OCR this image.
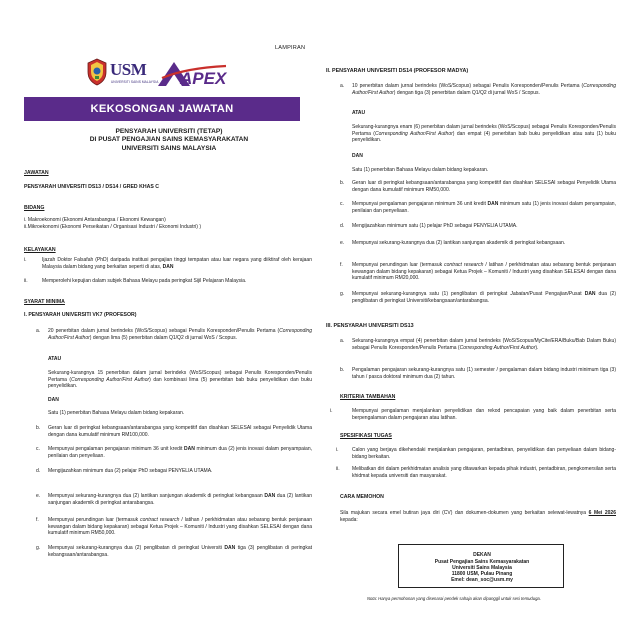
LAMPIRAN
USM
UNIVERSITI SAINS MALAYSIA APEX
KEKOSONGAN JAWATAN
PENSYARAH UNIVERSITI (TETAP)
DI PUSAT PENGAJIAN SAINS KEMASYARAKATAN
UNIVERSITI SAINS MALAYSIA
JAWATAN
PENSYARAH UNIVERSITI DS13 / DS14 / GRED KHAS C
BIDANG
i. Makroekonomi (Ekonomi Antarabangsa / Ekonomi Kewangan)
ii.Mikroekonomi (Ekonomi Perseikatan / Organisasi Industri / Ekonomi Industri) )
KELAYAKAN
i.	Ijazah Doktor Falsafah (PhD) daripada institusi pengajian tinggi tempatan atau luar negara yang diiktiraf oleh kerajaan Malaysia dalam bidang yang berkaitan seperti di atas, DAN
ii.	Memperolehi kepujian dalam subjek Bahasa Melayu pada peringkat Sijil Pelajaran Malaysia.
SYARAT MINIMA
I. PENSYARAH UNIVERSITI VK7 (PROFESOR)
a. 20 penerbitan dalam jurnal berindeks (WoS/Scopus) sebagai Penulis Koresponden/Penulis Pertama (Corresponding Author/First Author) dengan lima (5) penerbitan dalam Q1/Q2 di jurnal WoS / Scopus.
ATAU
Sekurang-kurangnya 15 penerbitan dalam jurnal berindeks (WoS/Scopus) sebagai Penulis Koresponden/Penulis Pertama (Corresponding Author/First Author) dan kombinasi lima (5) penerbitan bab buku penyelidikan dan buku penyelidikan.
DAN
Satu (1) penerbitan Bahasa Melayu dalam bidang kepakaran.
b. Geran luar di peringkat kebangsaan/antarabangsa yang kompetitif dan disahkan SELESAI sebagai Penyelidik Utama dengan dana kumulatif minimum RM100,000.
c. Mempunyai pengalaman pengajaran minimum 36 unit kredit DAN minimum dua (2) jenis inovasi dalam penyampaian, penilaian dan penyeliaan.
d. Mengijazahkan minimum dua (2) pelajar PhD sebagai PENYELIA UTAMA.
e. Mempunyai sekurang-kurangnya dua (2) lantikan sanjungan akademik di peringkat kebangsaan DAN dua (2) lantikan sanjungan akademik di peringkat antarabangsa.
f. Mempunyai perundingan luar (termasuk contract research / latihan / perkhidmatan atau sebarang bentuk penjanaan kewangan dalam bidang kepakaran) sebagai Ketua Projek – Komuniti / Industri yang disahkan SELESAI dengan dana kumulatif minimum RM50,000.
g. Mempunyai sekurang-kurangnya dua (2) penglibatan di peringkat Universiti DAN tiga (3) penglibatan di peringkat kebangsaan/antarabangsa.
II. PENSYARAH UNIVERSITI DS14 (PROFESOR MADYA)
a. 10 penerbitan dalam jurnal berindeks (WoS/Scopus) sebagai Penulis Koresponden/Penulis Pertama (Corresponding Author/First Author) dengan tiga (3) penerbitan dalam Q1/Q2 di jurnal WoS / Scopus.
ATAU
Sekurang-kurangnya enam (6) penerbitan dalam jurnal berindeks (WoS/Scopus) sebagai Penulis Koresponden/Penulis Pertama (Corresponding Author/First Author) dan empat (4) penerbitan bab buku penyelidikan atau satu (1) buku penyelidikan.
DAN
Satu (1) penerbitan Bahasa Melayu dalam bidang kepakaran.
b. Geran luar di peringkat kebangsaan/antarabangsa yang kompetitif dan disahkan SELESAI sebagai Penyelidik Utama dengan dana kumulatif minimum RM50,000.
c. Mempunyai pengalaman pengajaran minimum 36 unit kredit DAN minimum satu (1) jenis inovasi dalam penyampaian, penilaian dan penyeliaan.
d. Mengijazahkan minimum satu (1) pelajar PhD sebagai PENYELIA UTAMA.
e. Mempunyai sekurang-kurangnya dua (2) lantikan sanjungan akademik di peringkat kebangsaan.
f. Mempunyai perundingan luar (termasuk contract research / latihan / perkhidmatan atau sebarang bentuk penjanaan kewangan dalam bidang kepakaran) sebagai Ketua Projek – Komuniti / Industri yang disahkan SELESAI dengan dana kumulatif minimum RM20,000.
g. Mempunyai sekurang-kurangnya satu (1) penglibatan di peringkat Jabatan/Pusat Pengajian/Pusat DAN dua (2) penglibatan di peringkat Universiti/kebangsaan/antarabangsa.
III. PENSYARAH UNIVERSITI DS13
a. Sekurang-kurangnya empat (4) penerbitan dalam jurnal berindeks (WoS/Scopus/MyCite/ERA/Buku/Bab Dalam Buku) sebagai Penulis Koresponden/Penulis Pertama (Corresponding Author/First Author).
b. Pengalaman pengajaran sekurang-kurangnya satu (1) semester / pengalaman dalam bidang industri minimum tiga (3) tahun / pasca doktoral minimum dua (2) tahun.
KRITERIA TAMBAHAN
i.	Mempunyai pengalaman menjalankan penyelidikan dan rekod pencapaian yang baik dalam penerbitan serta berpengalaman dalam pengajaran atau latihan.
SPESIFIKASI TUGAS
i.	Calon yang berjaya dikehendaki menjalankan pengajaran, pentadbiran, penyelidikan dan penyeliaan dalam bidang-bidang berkaitan.
ii. Melibatkan diri dalam perkhidmatan analisis yang ditawarkan kepada pihak industri, pentadbiran, pengkomersilan serta khidmat kepada universiti dan masyarakat.
CARA MEMOHON
Sila majukan secara emel butiran jaya diri (CV) dan dokumen-dokumen yang berkaitan selewat-lewatnya 6 Mei 2026 kepada:
DEKAN
Pusat Pengajian Sains Kemasyarakatan
Universiti Sains Malaysia
11800 USM, Pulau Pinang
Emel: dean_soc@usm.my
Nota: Hanya permohonan yang disenarai pendek sahaja akan dipanggil untuk sesi temuduga.
